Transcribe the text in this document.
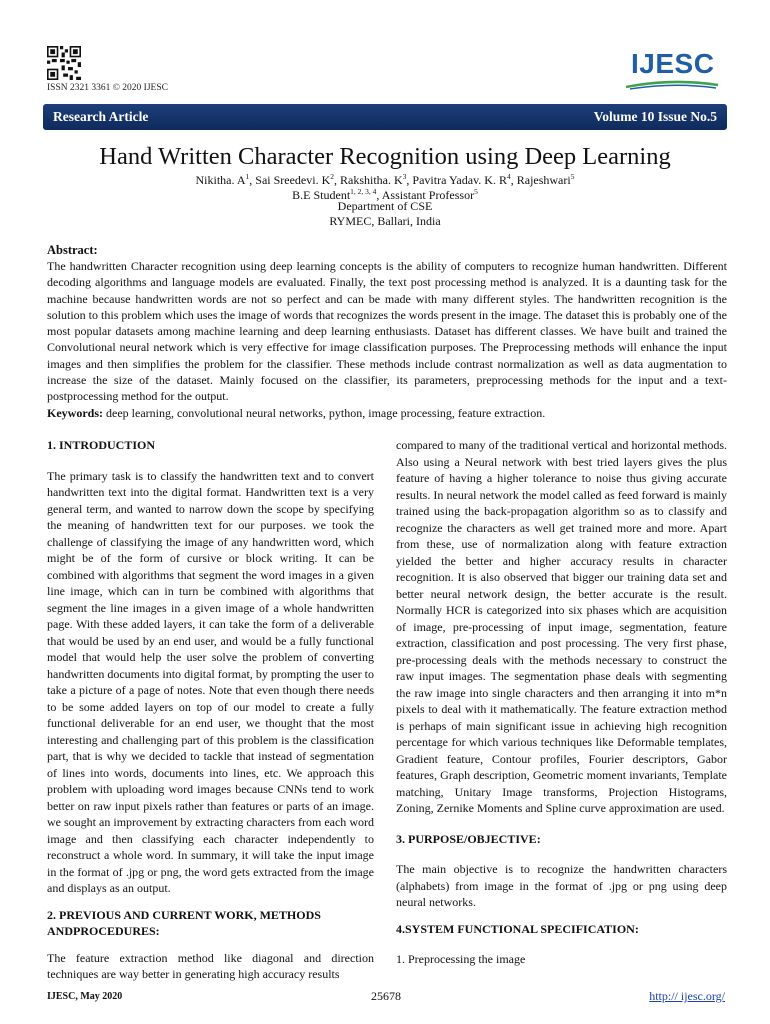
ISSN 2321 3361 © 2020 IJESC
IJESC
Research Article	Volume 10 Issue No.5
Hand Written Character Recognition using Deep Learning
Nikitha. $A^1$, Sai Sreedevi. $K^2$, Rakshitha. $K^3$, Pavitra Yadav. K. $R^4$, Rajeshwari$^5$
B.E Student$^{1, 2, 3, 4}$, Assistant Professor$^5$
Department of CSE
RYMEC, Ballari, India
Abstract:
The handwritten Character recognition using deep learning concepts is the ability of computers to recognize human handwritten. Different decoding algorithms and language models are evaluated. Finally, the text post processing method is analyzed. It is a daunting task for the machine because handwritten words are not so perfect and can be made with many different styles. The handwritten recognition is the solution to this problem which uses the image of words that recognizes the words present in the image. The dataset this is probably one of the most popular datasets among machine learning and deep learning enthusiasts. Dataset has different classes. We have built and trained the Convolutional neural network which is very effective for image classification purposes. The Preprocessing methods will enhance the input images and then simplifies the problem for the classifier. These methods include contrast normalization as well as data augmentation to increase the size of the dataset. Mainly focused on the classifier, its parameters, preprocessing methods for the input and a text-postprocessing method for the output.
Keywords: deep learning, convolutional neural networks, python, image processing, feature extraction.
1. INTRODUCTION

The primary task is to classify the handwritten text and to convert handwritten text into the digital format. Handwritten text is a very general term, and wanted to narrow down the scope by specifying the meaning of handwritten text for our purposes. we took the challenge of classifying the image of any handwritten word, which might be of the form of cursive or block writing. It can be combined with algorithms that segment the word images in a given line image, which can in turn be combined with algorithms that segment the line images in a given image of a whole handwritten page. With these added layers, it can take the form of a deliverable that would be used by an end user, and would be a fully functional model that would help the user solve the problem of converting handwritten documents into digital format, by prompting the user to take a picture of a page of notes. Note that even though there needs to be some added layers on top of our model to create a fully functional deliverable for an end user, we thought that the most interesting and challenging part of this problem is the classification part, that is why we decided to tackle that instead of segmentation of lines into words, documents into lines, etc. We approach this problem with uploading word images because CNNs tend to work better on raw input pixels rather than features or parts of an image. we sought an improvement by extracting characters from each word image and then classifying each character independently to reconstruct a whole word. In summary, it will take the input image in the format of .jpg or png, the word gets extracted from the image and displays as an output.

2. PREVIOUS AND CURRENT WORK, METHODS ANDPROCEDURES:

The feature extraction method like diagonal and direction techniques are way better in generating high accuracy results

compared to many of the traditional vertical and horizontal methods. Also using a Neural network with best tried layers gives the plus feature of having a higher tolerance to noise thus giving accurate results. In neural network the model called as feed forward is mainly trained using the back-propagation algorithm so as to classify and recognize the characters as well get trained more and more. Apart from these, use of normalization along with feature extraction yielded the better and higher accuracy results in character recognition. It is also observed that bigger our training data set and better neural network design, the better accurate is the result. Normally HCR is categorized into six phases which are acquisition of image, pre-processing of input image, segmentation, feature extraction, classification and post processing. The very first phase, pre-processing deals with the methods necessary to construct the raw input images. The segmentation phase deals with segmenting the raw image into single characters and then arranging it into m*n pixels to deal with it mathematically. The feature extraction method is perhaps of main significant issue in achieving high recognition percentage for which various techniques like Deformable templates, Gradient feature, Contour profiles, Fourier descriptors, Gabor features, Graph description, Geometric moment invariants, Template matching, Unitary Image transforms, Projection Histograms, Zoning, Zernike Moments and Spline curve approximation are used.

3. PURPOSE/OBJECTIVE:

The main objective is to recognize the handwritten characters (alphabets) from image in the format of .jpg or png using deep neural networks.

4.SYSTEM FUNCTIONAL SPECIFICATION:

1. Preprocessing the image

IJESC, May 2020	25678	http:// ijesc.org/
